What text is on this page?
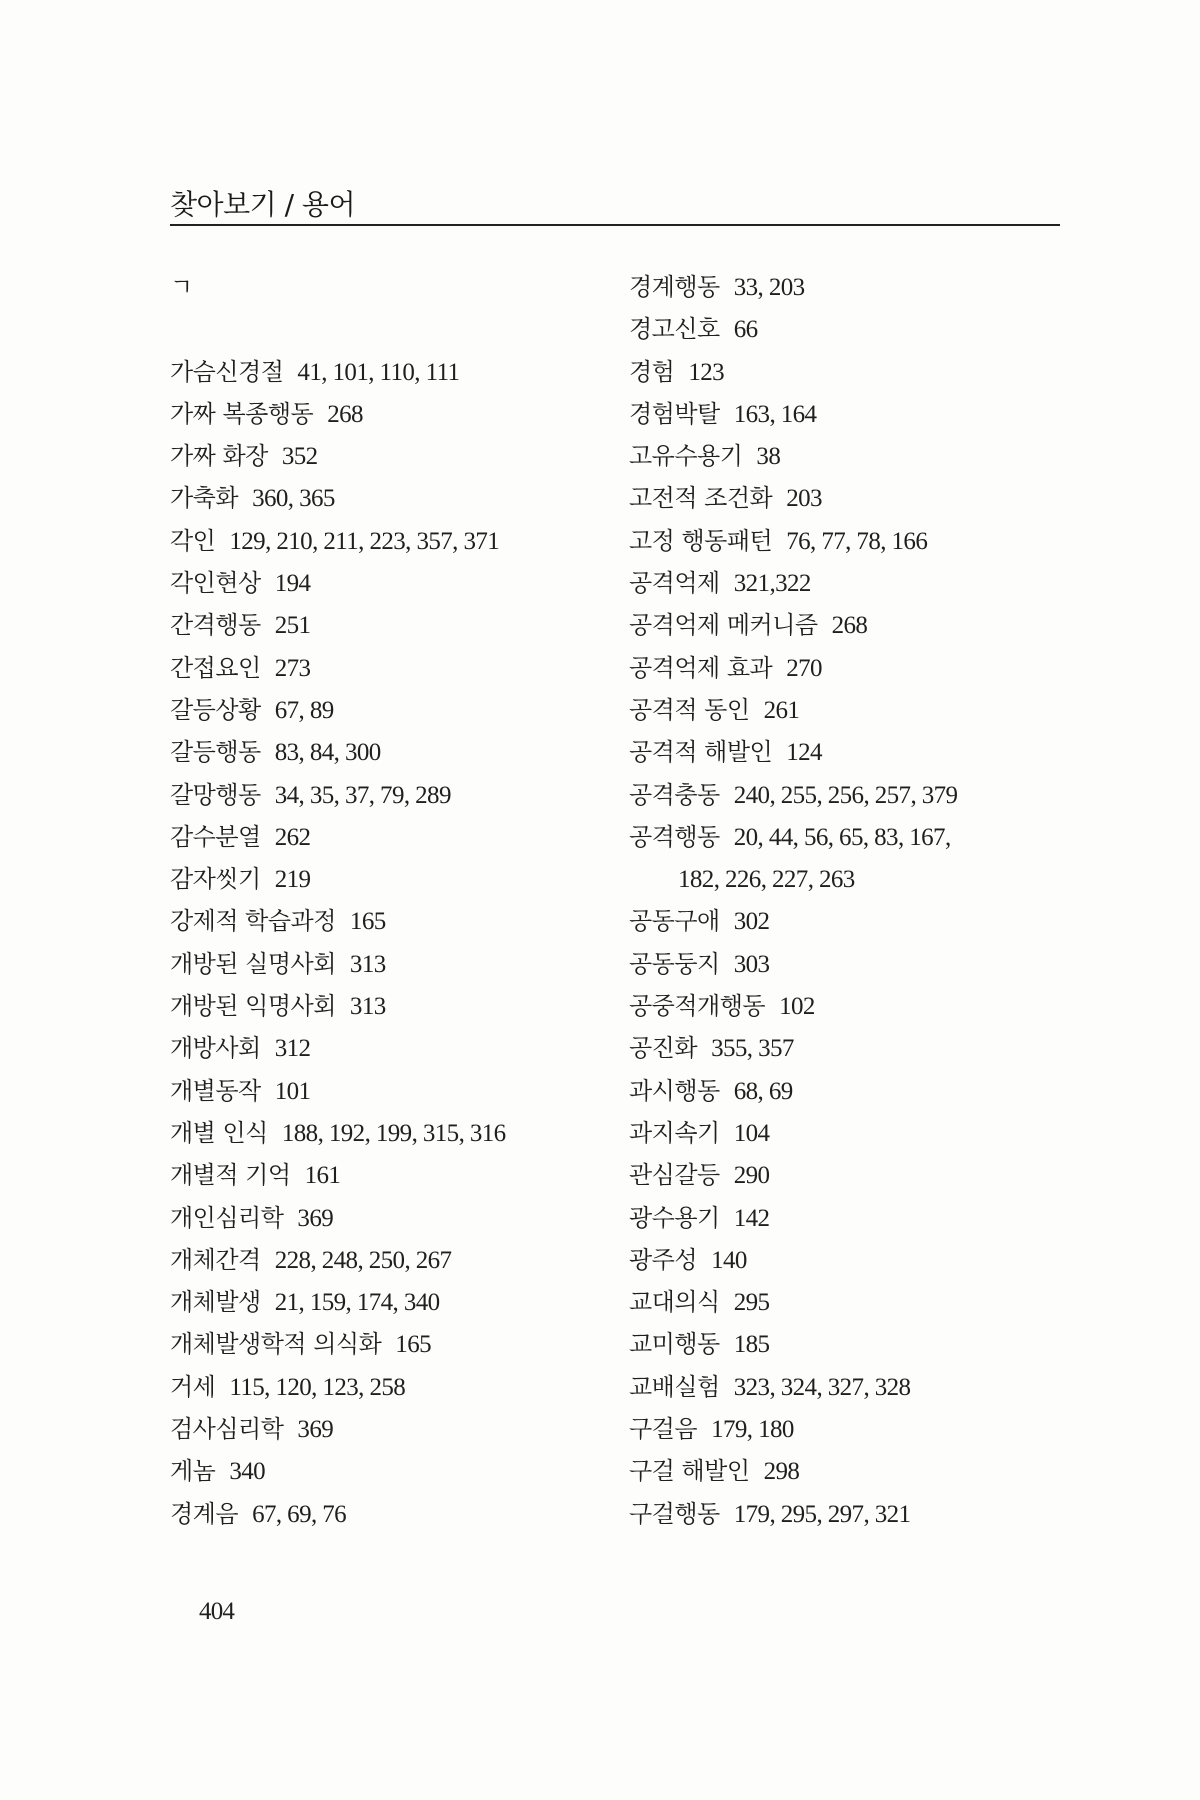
찾아보기 / 용어
ㄱ
가슴신경절 41, 101, 110, 111
가짜 복종행동 268
가짜 화장 352
가축화 360, 365
각인 129, 210, 211, 223, 357, 371
각인현상 194
간격행동 251
간접요인 273
갈등상황 67, 89
갈등행동 83, 84, 300
갈망행동 34, 35, 37, 79, 289
감수분열 262
감자씻기 219
강제적 학습과정 165
개방된 실명사회 313
개방된 익명사회 313
개방사회 312
개별동작 101
개별 인식 188, 192, 199, 315, 316
개별적 기억 161
개인심리학 369
개체간격 228, 248, 250, 267
개체발생 21, 159, 174, 340
개체발생학적 의식화 165
거세 115, 120, 123, 258
검사심리학 369
게놈 340
경계음 67, 69, 76
경계행동 33, 203
경고신호 66
경험 123
경험박탈 163, 164
고유수용기 38
고전적 조건화 203
고정 행동패턴 76, 77, 78, 166
공격억제 321,322
공격억제 메커니즘 268
공격억제 효과 270
공격적 동인 261
공격적 해발인 124
공격충동 240, 255, 256, 257, 379
공격행동 20, 44, 56, 65, 83, 167,
182, 226, 227, 263
공동구애 302
공동둥지 303
공중적개행동 102
공진화 355, 357
과시행동 68, 69
과지속기 104
관심갈등 290
광수용기 142
광주성 140
교대의식 295
교미행동 185
교배실험 323, 324, 327, 328
구걸음 179, 180
구걸 해발인 298
구걸행동 179, 295, 297, 321
404
